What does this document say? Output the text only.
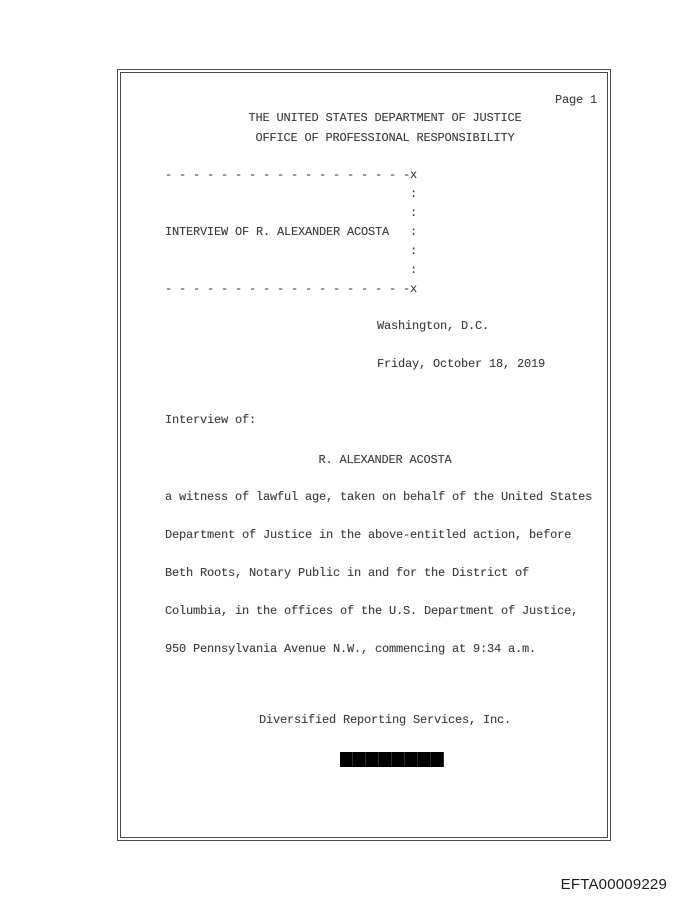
Page 1
THE UNITED STATES DEPARTMENT OF JUSTICE
OFFICE OF PROFESSIONAL RESPONSIBILITY
- - - - - - - - - - - - - - - - - -x
:
:
INTERVIEW OF R. ALEXANDER ACOSTA   :
:
:
- - - - - - - - - - - - - - - - - -x
Washington, D.C.
Friday, October 18, 2019
Interview of:
R. ALEXANDER ACOSTA
a witness of lawful age, taken on behalf of the United States
Department of Justice in the above-entitled action, before
Beth Roots, Notary Public in and for the District of
Columbia, in the offices of the U.S. Department of Justice,
950 Pennsylvania Avenue N.W., commencing at 9:34 a.m.
Diversified Reporting Services, Inc.
EFTA00009229
